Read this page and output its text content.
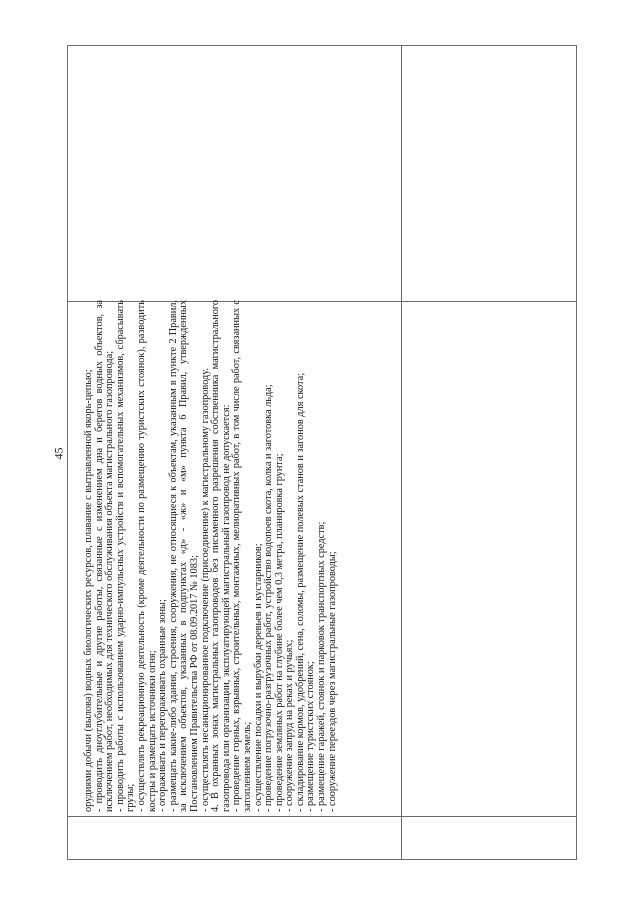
45 орудиями добычи (вылова) водных биологических ресурсов, плавание с вытравленной якорь-цепью; - проводить дноуглубительные и другие работы, связанные с изменением дна и берегов водных объектов, за исключением работ, необходимых для технического обслуживания объекта магистрального газопровода; - проводить работы с использованием ударно-импульсных устройств и вспомогательных механизмов, сбрасывать грузы; - осуществлять рекреационную деятельность (кроме деятельности по размещению туристских стоянок), разводить костры и размещать источники огня; - огораживать и перегораживать охранные зоны; - размещать какие-либо здания, строения, сооружения, не относящиеся к объектам, указанным в пункте 2 Правил, за исключением объектов, указанных в подпунктах «д» - «ж» и «м» пункта 6 Правил, утвержденных Постановлением Правительства РФ от 08.09.2017 № 1083; - осуществлять несанкционированное подключение (присоединение) к магистральному газопроводу. 4. В охранных зонах магистральных газопроводов без письменного разрешения собственника магистрального газопровода или организации, эксплуатирующей магистральный газопровод не допускается: - проведение горных, взрывных, строительных, монтажных, мелиоративных работ, в том числе работ, связанных с затоплением земель; - осуществление посадки и вырубки деревьев и кустарников; - проведение погрузочно-разгрузочных работ, устройство водопоев скота, колка и заготовка льда; - проведение земляных работ на глубине более чем 0,3 метра, планировка грунта; - сооружение запруд на реках и ручьях; - складирование кормов, удобрений, сена, соломы, размещение полевых станов и загонов для скота; - размещение туристских стоянок; - размещение гаражей, стоянок и парковок транспортных средств; - сооружение переездов через магистральные газопроводы;
